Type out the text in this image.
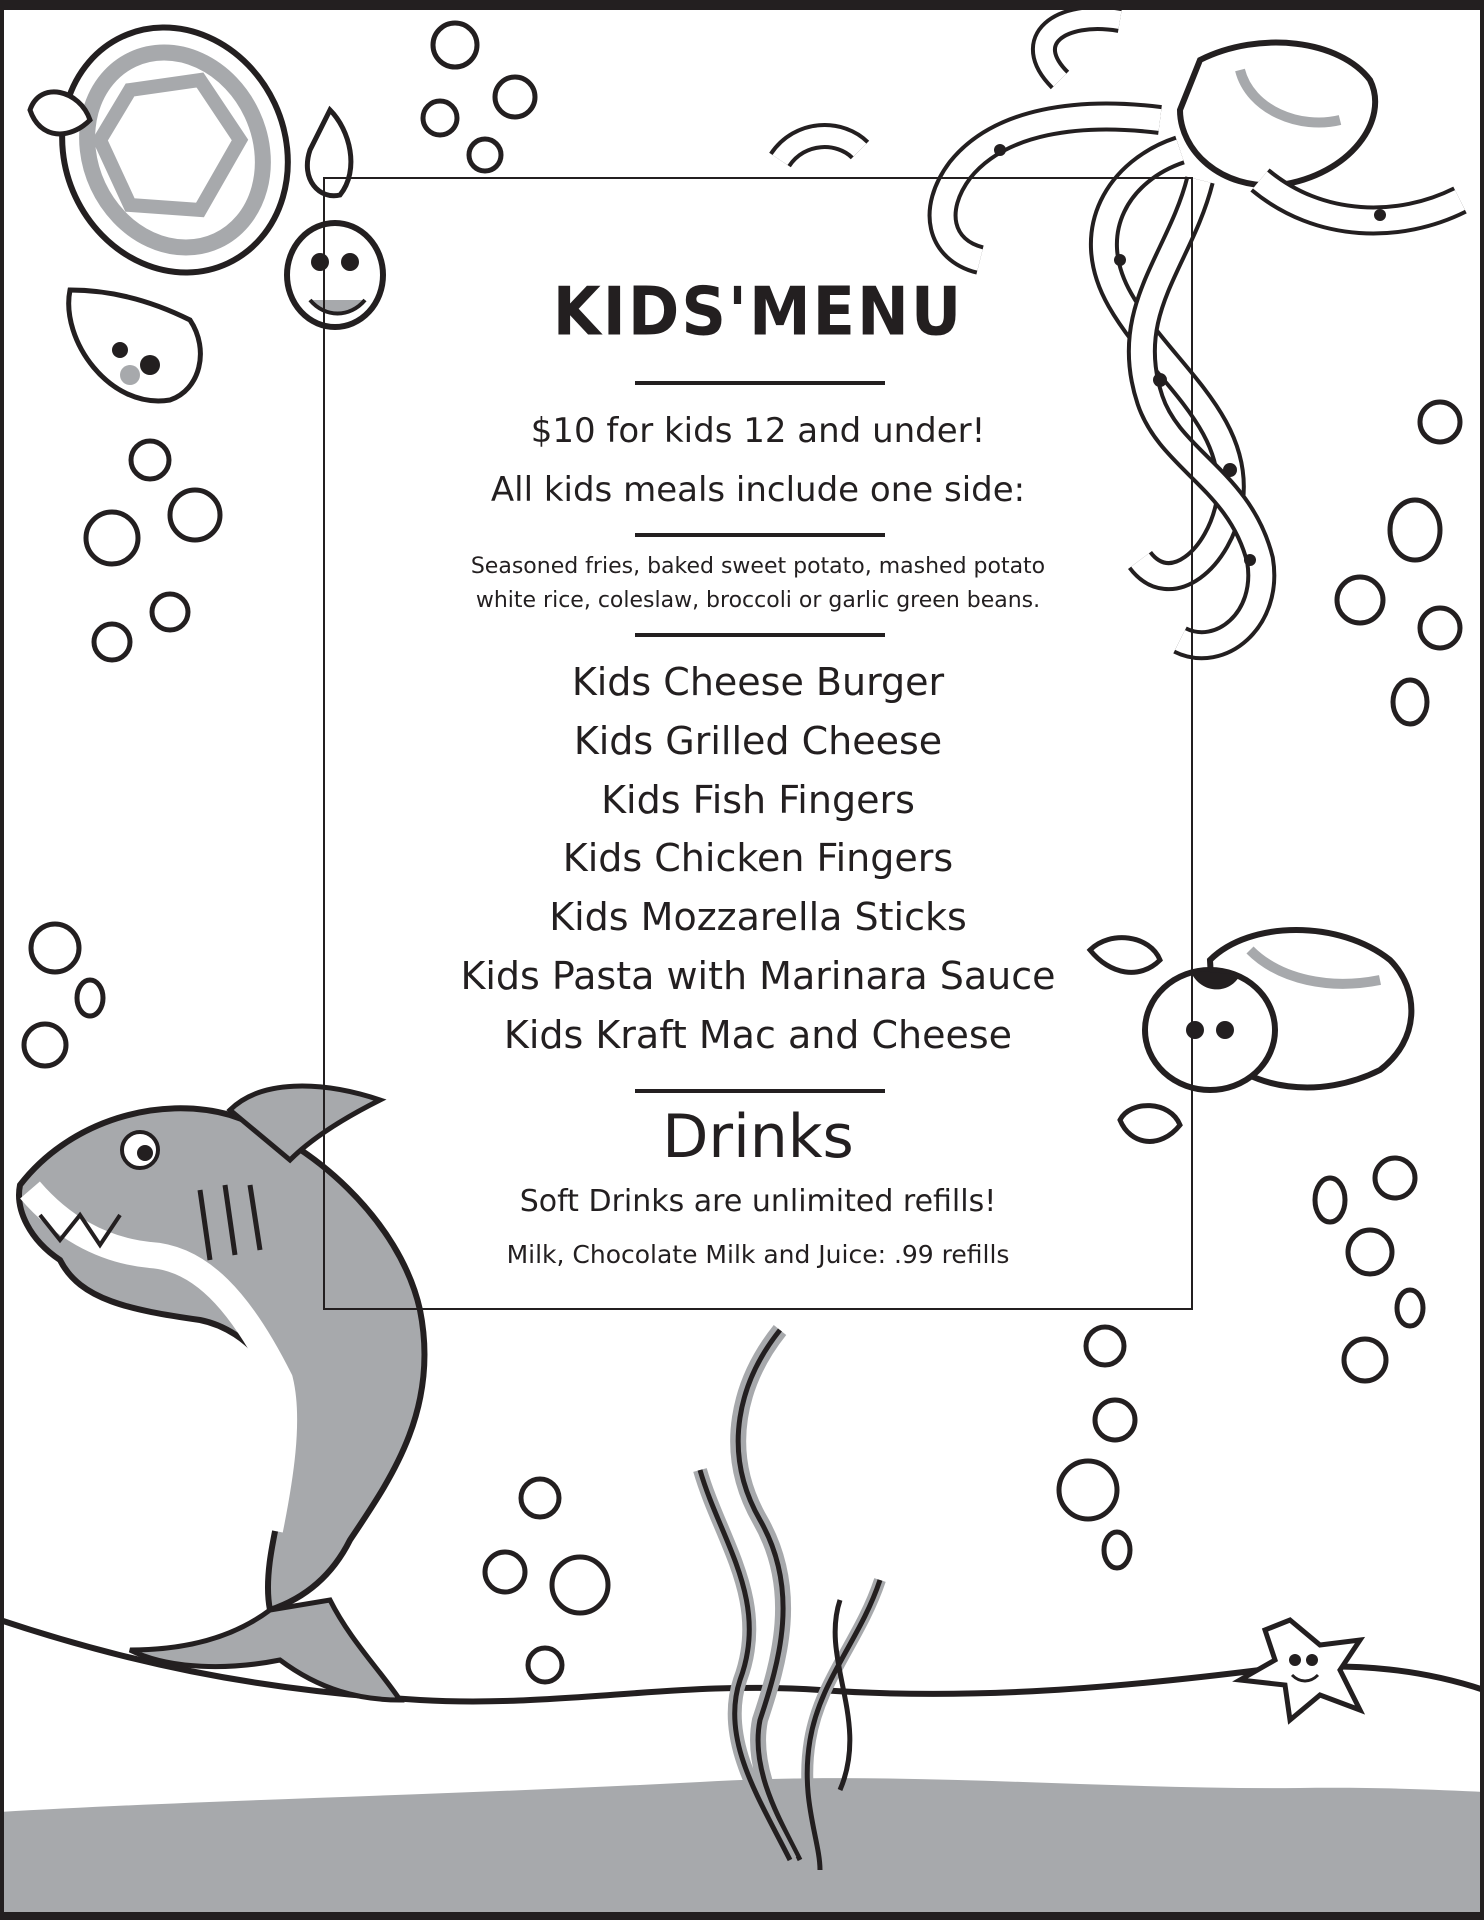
KIDS'MENU
$10 for kids 12 and under!
All kids meals include one side:
Seasoned fries, baked sweet potato, mashed potato
white rice, coleslaw, broccoli or garlic green beans.
Kids Cheese Burger
Kids Grilled Cheese
Kids Fish Fingers
Kids Chicken Fingers
Kids Mozzarella Sticks
Kids Pasta with Marinara Sauce
Kids Kraft Mac and Cheese
Drinks
Soft Drinks are unlimited refills!
Milk, Chocolate Milk and Juice: .99 refills
